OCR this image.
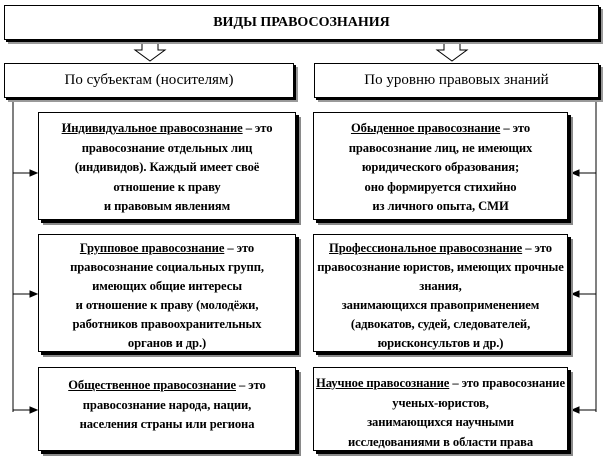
ВИДЫ ПРАВОСОЗНАНИЯ
По субъектам (носителям)	По уровню правовых знаний

Индивидуальное правосознание – это правосознание отдельных лиц

(индивидов). Каждый имеет своё

отношение к праву

и правовым явлениям

Групповое правосознание – это правосознание социальных групп,

имеющих общие интересы

и отношение к праву (молодёжи,

работников правоохранительных

органов и др.)

Общественное правосознание – это правосознание народа, нации,

населения страны или региона

Обыденное правосознание – это правосознание лиц, не имеющих

юридического образования;

оно формируется стихийно

из личного опыта, СМИ

Профессиональное правосознание – это правосознание юристов, имеющих прочные знания,

занимающихся правоприменением

(адвокатов, судей, следователей,

юрисконсультов и др.)

Научное правосознание – это правосознание ученых-юристов,

занимающихся научными

исследованиями в области права
